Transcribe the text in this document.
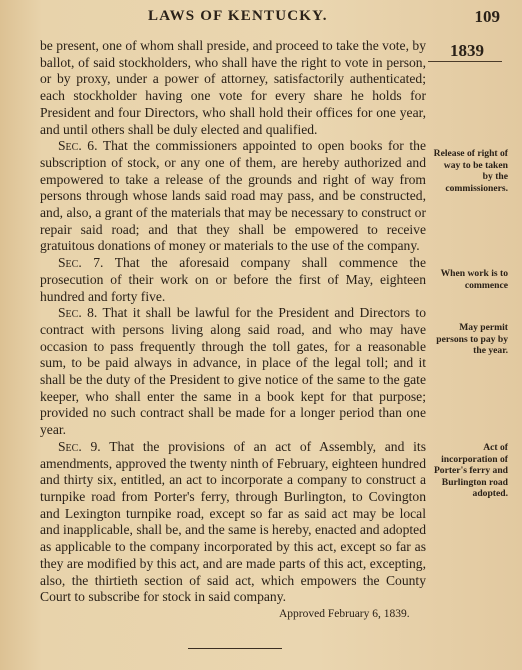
LAWS OF KENTUCKY.	109
1839

be present, one of whom shall preside, and proceed to take the vote, by ballot, of said stockholders, who shall have the right to vote in person, or by proxy, under a power of attorney, satisfactorily authenticated; each stockholder having one vote for every share he holds for President and four Directors, who shall hold their offices for one year, and until others shall be duly elected and qualified.

Sec. 6. That the commissioners appointed to open books for the subscription of stock, or any one of them, are hereby authorized and empowered to take a release of the grounds and right of way from persons through whose lands said road may pass, and be constructed, and, also, a grant of the materials that may be necessary to construct or repair said road; and that they shall be empowered to receive gratuitous donations of money or materials to the use of the company.

Sec. 7. That the aforesaid company shall commence the prosecution of their work on or before the first of May, eighteen hundred and forty five.

Sec. 8. That it shall be lawful for the President and Directors to contract with persons living along said road, and who may have occasion to pass frequently through the toll gates, for a reasonable sum, to be paid always in advance, in place of the legal toll; and it shall be the duty of the President to give notice of the same to the gate keeper, who shall enter the same in a book kept for that purpose; provided no such contract shall be made for a longer period than one year.

Sec. 9. That the provisions of an act of Assembly, and its amendments, approved the twenty ninth of February, eighteen hundred and thirty six, entitled, an act to incorporate a company to construct a turnpike road from Porter's ferry, through Burlington, to Covington and Lexington turnpike road, except so far as said act may be local and inapplicable, shall be, and the same is hereby, enacted and adopted as applicable to the company incorporated by this act, except so far as they are modified by this act, and are made parts of this act, excepting, also, the thirtieth section of said act, which empowers the County Court to subscribe for stock in said company.

Release of right of way to be taken by the commissioners.
When work is to commence
May permit persons to pay by the year.
Act of incorporation of Porter's ferry and Burlington road adopted.
Approved February 6, 1839.
